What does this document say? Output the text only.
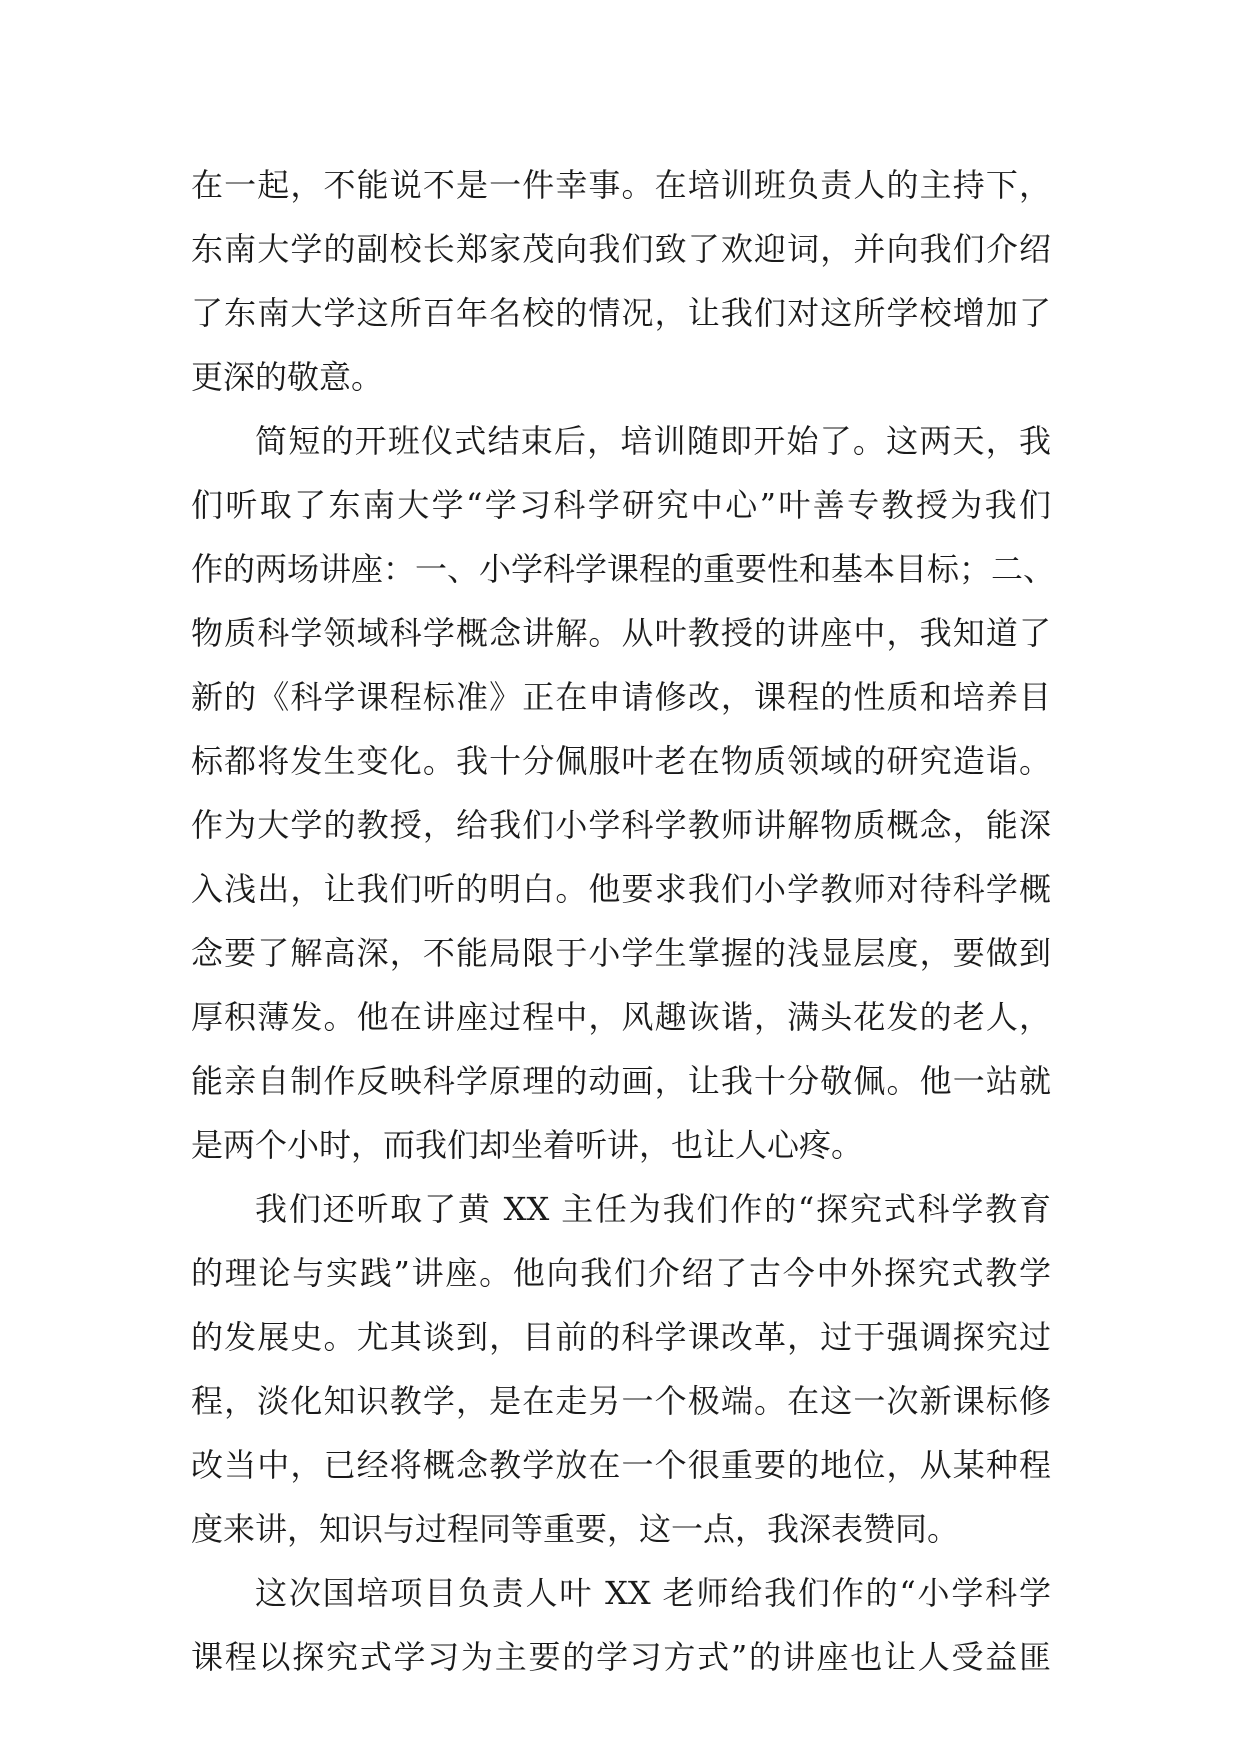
在一起，不能说不是一件幸事。在培训班负责人的主持下，
东南大学的副校长郑家茂向我们致了欢迎词，并向我们介绍
了东南大学这所百年名校的情况，让我们对这所学校增加了
更深的敬意。
简短的开班仪式结束后，培训随即开始了。这两天，我
们听取了东南大学“学习科学研究中心”叶善专教授为我们
作的两场讲座：一、小学科学课程的重要性和基本目标；二、
物质科学领域科学概念讲解。从叶教授的讲座中，我知道了
新的《科学课程标准》正在申请修改，课程的性质和培养目
标都将发生变化。我十分佩服叶老在物质领域的研究造诣。
作为大学的教授，给我们小学科学教师讲解物质概念，能深
入浅出，让我们听的明白。他要求我们小学教师对待科学概
念要了解高深，不能局限于小学生掌握的浅显层度，要做到
厚积薄发。他在讲座过程中，风趣诙谐，满头花发的老人，
能亲自制作反映科学原理的动画，让我十分敬佩。他一站就
是两个小时，而我们却坐着听讲，也让人心疼。
我们还听取了黄 XX 主任为我们作的“探究式科学教育
的理论与实践”讲座。他向我们介绍了古今中外探究式教学
的发展史。尤其谈到，目前的科学课改革，过于强调探究过
程，淡化知识教学，是在走另一个极端。在这一次新课标修
改当中，已经将概念教学放在一个很重要的地位，从某种程
度来讲，知识与过程同等重要，这一点，我深表赞同。
这次国培项目负责人叶 XX 老师给我们作的“小学科学
课程以探究式学习为主要的学习方式”的讲座也让人受益匪
